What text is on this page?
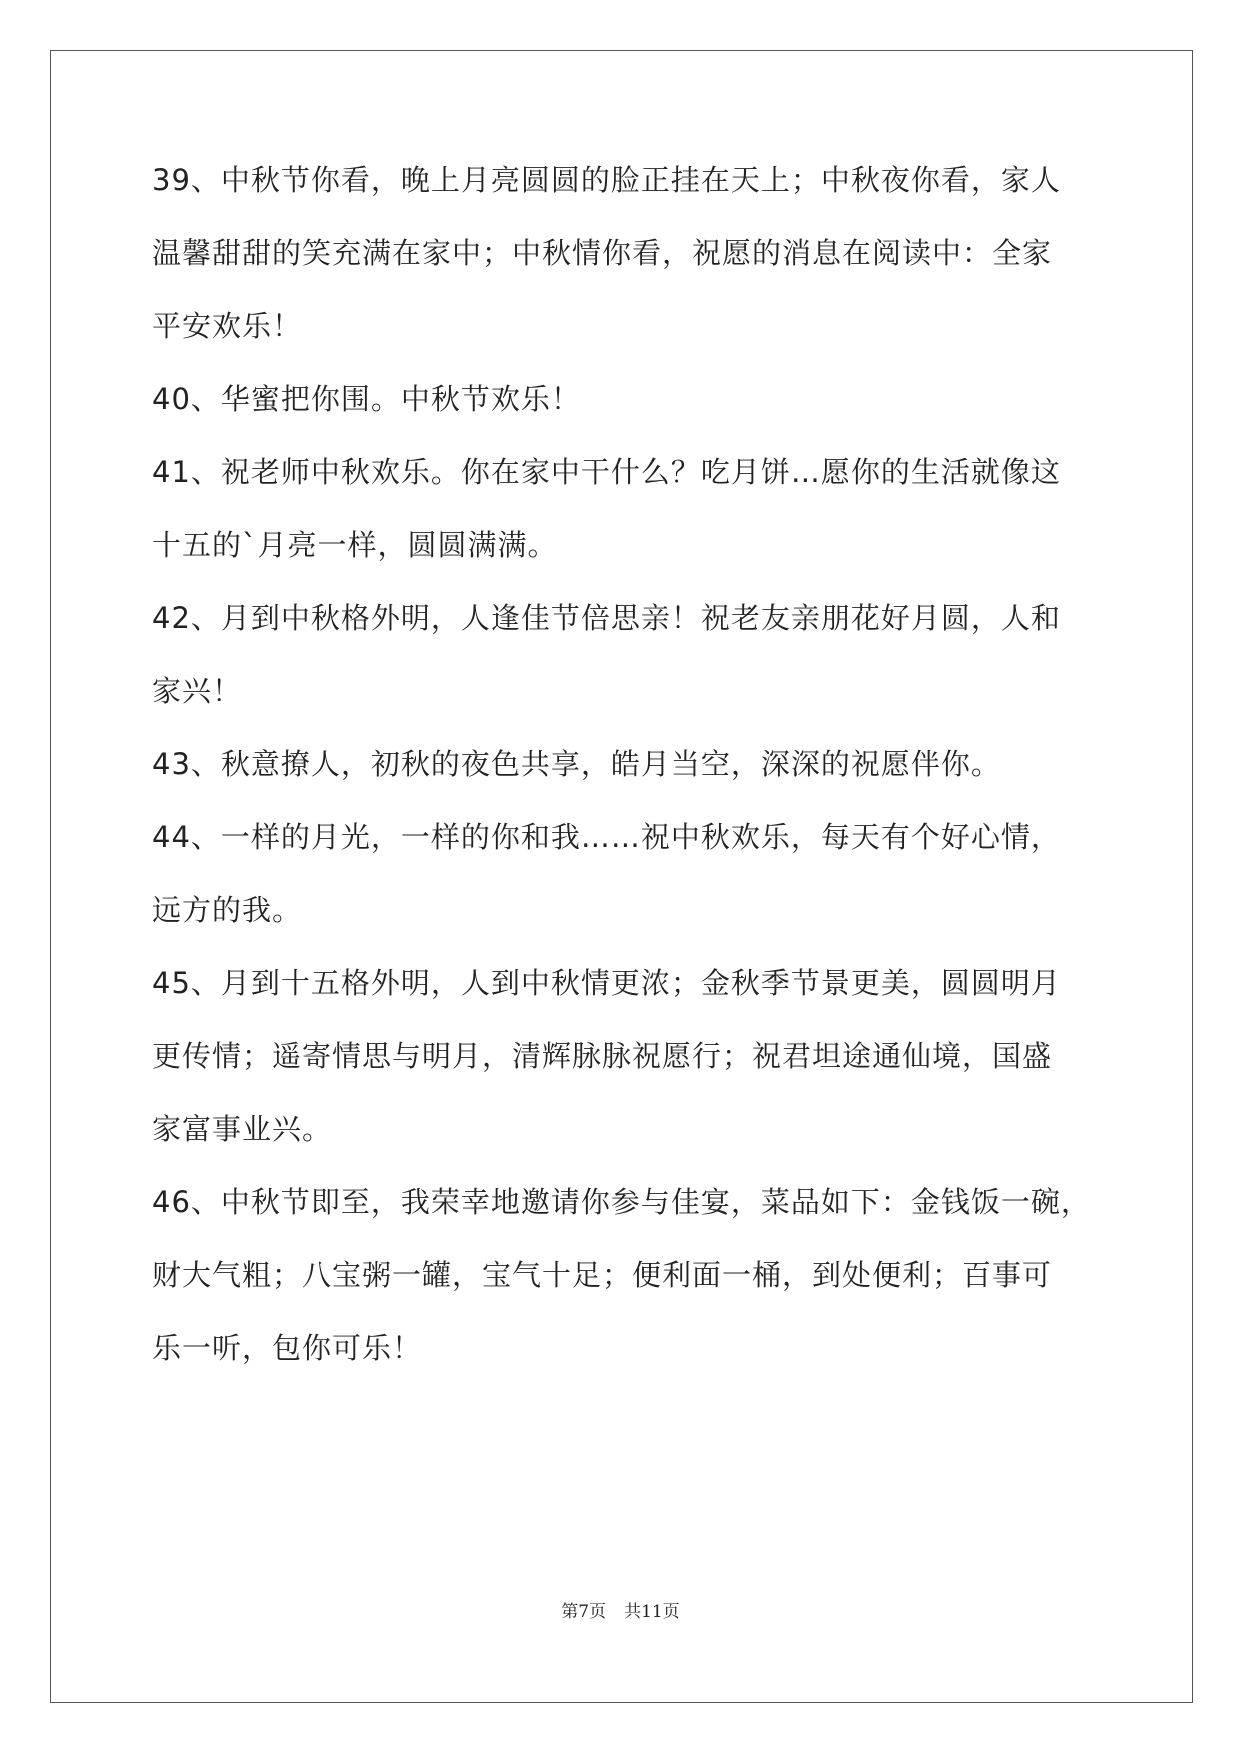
39、中秋节你看，晚上月亮圆圆的脸正挂在天上；中秋夜你看，家人
温馨甜甜的笑充满在家中；中秋情你看，祝愿的消息在阅读中：全家
平安欢乐！
40、华蜜把你围。中秋节欢乐！
41、祝老师中秋欢乐。你在家中干什么？吃月饼…愿你的生活就像这
十五的`月亮一样，圆圆满满。
42、月到中秋格外明，人逢佳节倍思亲！祝老友亲朋花好月圆，人和
家兴！
43、秋意撩人，初秋的夜色共享，皓月当空，深深的祝愿伴你。
44、一样的月光，一样的你和我……祝中秋欢乐，每天有个好心情，
远方的我。
45、月到十五格外明，人到中秋情更浓；金秋季节景更美，圆圆明月
更传情；遥寄情思与明月，清辉脉脉祝愿行；祝君坦途通仙境，国盛
家富事业兴。
46、中秋节即至，我荣幸地邀请你参与佳宴，菜品如下：金钱饭一碗，
财大气粗；八宝粥一罐，宝气十足；便利面一桶，到处便利；百事可
乐一听，包你可乐！
第7页 共11页
